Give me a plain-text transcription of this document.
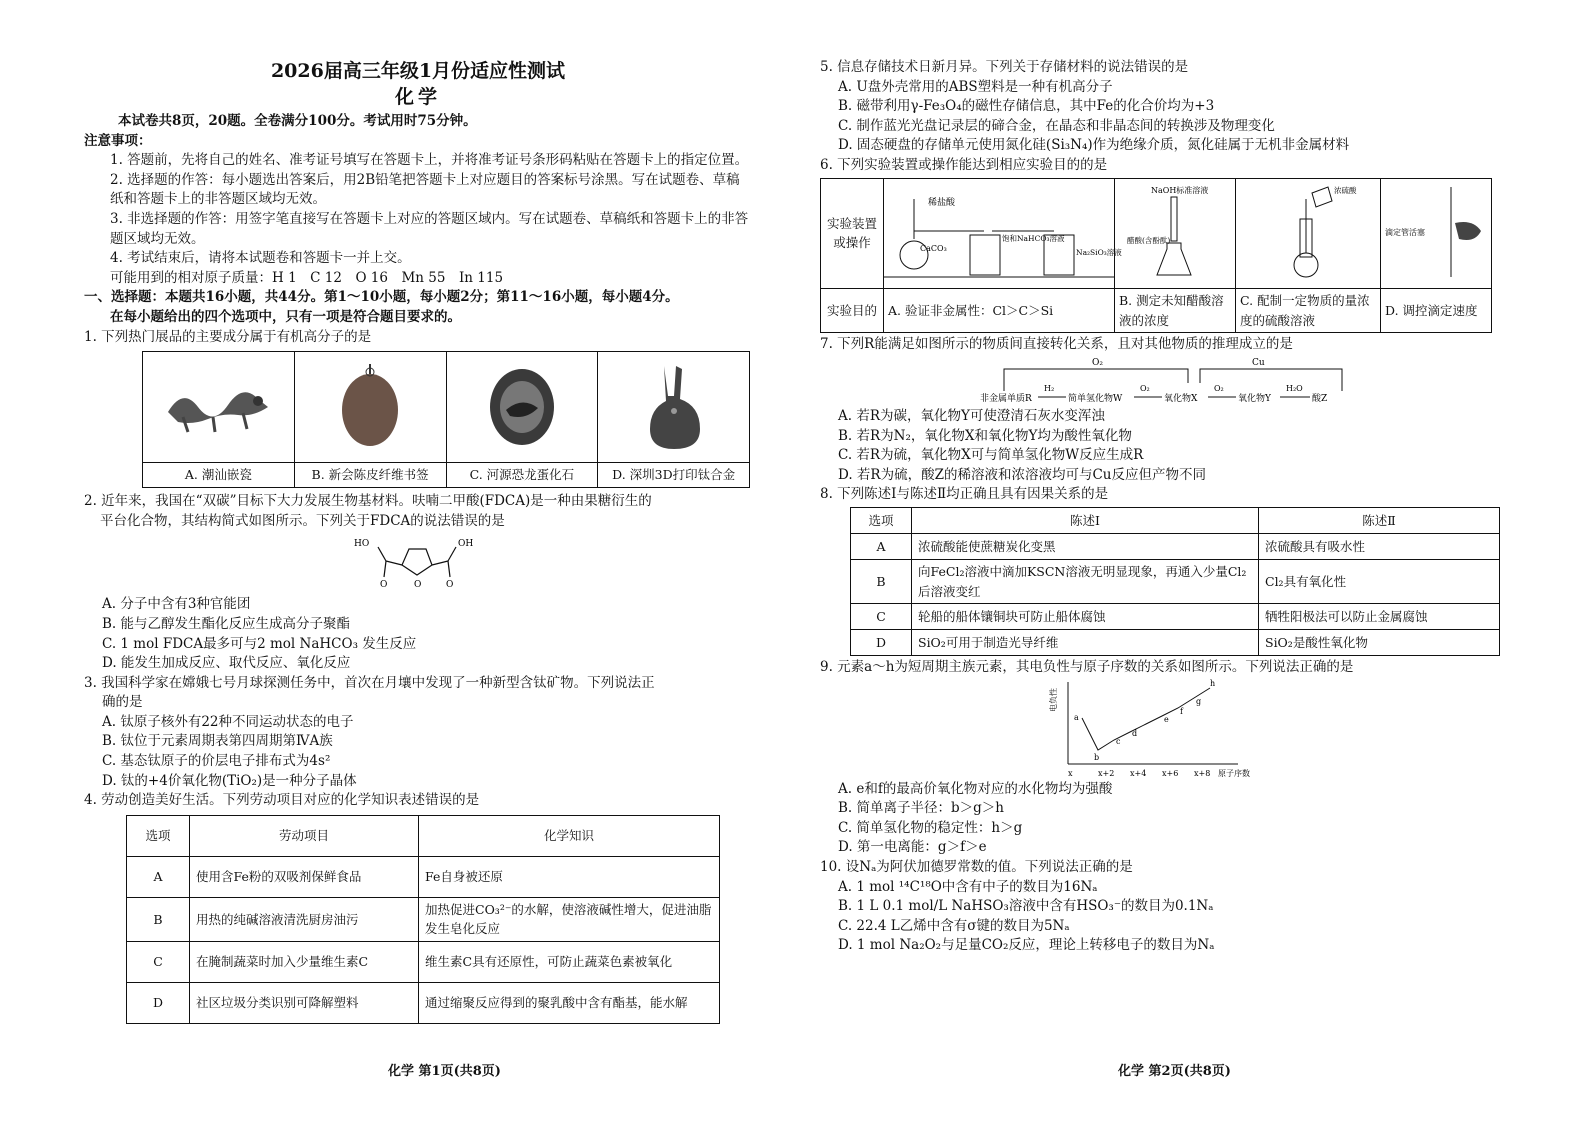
2026届高三年级1月份适应性测试

化学

本试卷共8页，20题。全卷满分100分。考试用时75分钟。

注意事项：

1. 答题前，先将自己的姓名、准考证号填写在答题卡上，并将准考证号条形码粘贴在答题卡上的指定位置。

2. 选择题的作答：每小题选出答案后，用2B铅笔把答题卡上对应题目的答案标号涂黑。写在试题卷、草稿纸和答题卡上的非答题区域均无效。

3. 非选择题的作答：用签字笔直接写在答题卡上对应的答题区域内。写在试题卷、草稿纸和答题卡上的非答题区域均无效。

4. 考试结束后，请将本试题卷和答题卡一并上交。

可能用到的相对原子质量：H 1　C 12　O 16　Mn 55　In 115

一、选择题：本题共16小题，共44分。第1～10小题，每小题2分；第11～16小题，每小题4分。

在每小题给出的四个选项中，只有一项是符合题目要求的。

1. 下列热门展品的主要成分属于有机高分子的是

A. 潮汕嵌瓷	B. 新会陈皮纤维书签	C. 河源恐龙蛋化石	D. 深圳3D打印钛合金

2. 近年来，我国在“双碳”目标下大力发展生物基材料。呋喃二甲酸(FDCA)是一种由果糖衍生的

平台化合物，其结构简式如图所示。下列关于FDCA的说法错误的是

HO
O	O	O
OH

A. 分子中含有3种官能团

B. 能与乙醇发生酯化反应生成高分子聚酯

C. 1 mol FDCA最多可与2 mol NaHCO₃ 发生反应

D. 能发生加成反应、取代反应、氧化反应

3. 我国科学家在嫦娥七号月球探测任务中，首次在月壤中发现了一种新型含钛矿物。下列说法正

确的是

A. 钛原子核外有22种不同运动状态的电子

B. 钛位于元素周期表第四周期第ⅣA族

C. 基态钛原子的价层电子排布式为4s²

D. 钛的+4价氧化物(TiO₂)是一种分子晶体

4. 劳动创造美好生活。下列劳动项目对应的化学知识表述错误的是

选项	劳动项目	化学知识
A	使用含Fe粉的双吸剂保鲜食品	Fe自身被还原
B	用热的纯碱溶液清洗厨房油污	加热促进CO₃²⁻的水解，使溶液碱性增大，促进油脂发生皂化反应
C	在腌制蔬菜时加入少量维生素C	维生素C具有还原性，可防止蔬菜色素被氧化
D	社区垃圾分类识别可降解塑料	通过缩聚反应得到的聚乳酸中含有酯基，能水解
化学 第1页(共8页)

5. 信息存储技术日新月异。下列关于存储材料的说法错误的是

A. U盘外壳常用的ABS塑料是一种有机高分子

B. 磁带利用γ-Fe₃O₄的磁性存储信息，其中Fe的化合价均为+3

C. 制作蓝光光盘记录层的碲合金，在晶态和非晶态间的转换涉及物理变化

D. 固态硬盘的存储单元使用氮化硅(Si₃N₄)作为绝缘介质，氮化硅属于无机非金属材料

6. 下列实验装置或操作能达到相应实验目的的是

实验装置或操作	稀盐酸
CaCO₃
饱和NaHCO₃溶液
Na₂SiO₃溶液	NaOH标准溶液
醋酸(含酚酞)	浓硫酸	滴定管活塞

实验目的	A. 验证非金属性：Cl＞C＞Si	B. 测定未知醋酸溶液的浓度	C. 配制一定物质的量浓度的硫酸溶液	D. 调控滴定速度

7. 下列R能满足如图所示的物质间直接转化关系，且对其他物质的推理成立的是

O₂	Cu
非金属单质R
H₂
简单氢化物W
O₂
氧化物X
O₂
氧化物Y
H₂O
酸Z

A. 若R为碳，氧化物Y可使澄清石灰水变浑浊

B. 若R为N₂，氧化物X和氧化物Y均为酸性氧化物

C. 若R为硫，氧化物X可与简单氢化物W反应生成R

D. 若R为硫，酸Z的稀溶液和浓溶液均可与Cu反应但产物不同

8. 下列陈述Ⅰ与陈述Ⅱ均正确且具有因果关系的是

选项	陈述Ⅰ	陈述Ⅱ
A	浓硫酸能使蔗糖炭化变黑	浓硫酸具有吸水性
B	向FeCl₂溶液中滴加KSCN溶液无明显现象，再通入少量Cl₂后溶液变红	Cl₂具有氧化性
C	轮船的船体镶铜块可防止船体腐蚀	牺牲阳极法可以防止金属腐蚀
D	SiO₂可用于制造光导纤维	SiO₂是酸性氧化物

9. 元素a～h为短周期主族元素，其电负性与原子序数的关系如图所示。下列说法正确的是

电负性
原子序数
x	x+2 x+4 x+6 x+8
a
b
c
d
e
f
g
h

A. e和f的最高价氧化物对应的水化物均为强酸

B. 简单离子半径：b＞g＞h

C. 简单氢化物的稳定性：h＞g

D. 第一电离能：g＞f＞e

10. 设Nₐ为阿伏加德罗常数的值。下列说法正确的是

A. 1 mol ¹⁴C¹⁸O中含有中子的数目为16Nₐ

B. 1 L 0.1 mol/L NaHSO₃溶液中含有HSO₃⁻的数目为0.1Nₐ

C. 22.4 L乙烯中含有σ键的数目为5Nₐ

D. 1 mol Na₂O₂与足量CO₂反应，理论上转移电子的数目为Nₐ

化学 第2页(共8页)
